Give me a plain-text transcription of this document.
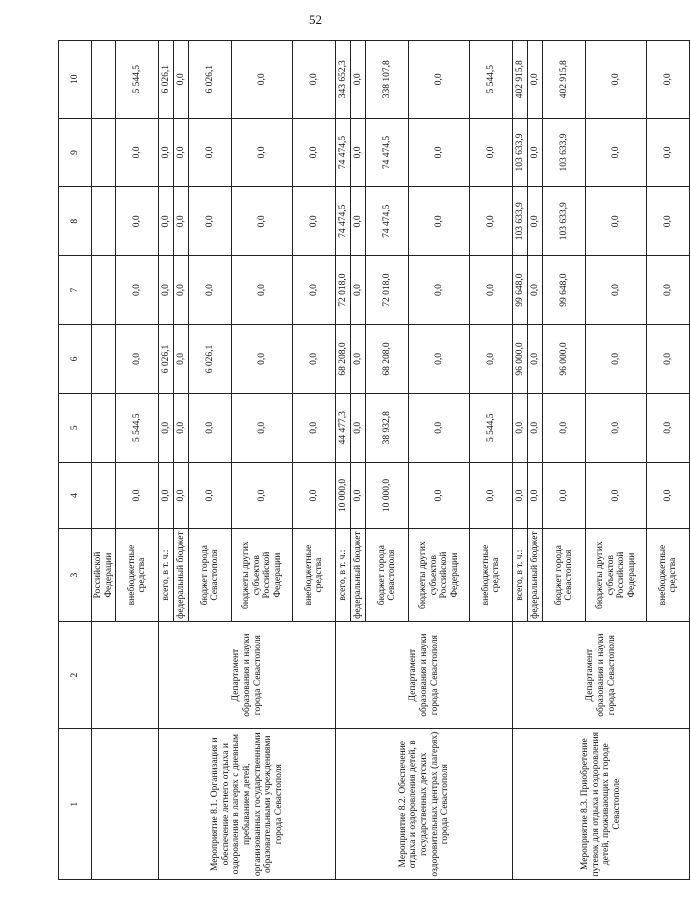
52
1	2	3	4	5	6	7	8	9	10
		Российской Федерации							
		внебюджетные средства	0,0	5 544,5	0,0	0,0	0,0	0,0	5 544,5
Мероприятие 8.1. Организация и обеспечение летнего отдыха и оздоровления в лагерях с дневным пребыванием детей, организованных государственными образовательными учреждениями города Севастополя	Департамент образования и науки города Севастополя	всего, в т. ч.:	0,0	0,0	6 026,1	0,0	0,0	0,0	6 026,1
		федеральный бюджет	0,0	0,0	0,0	0,0	0,0	0,0	0,0
		бюджет города Севастополя	0,0	0,0	6 026,1	0,0	0,0	0,0	6 026,1
		бюджеты других субъектов Российской Федерации	0,0	0,0	0,0	0,0	0,0	0,0	0,0
		внебюджетные средства	0,0	0,0	0,0	0,0	0,0	0,0	0,0
Мероприятие 8.2. Обеспечение отдыха и оздоровления детей, в государственных детских оздоровительных центрах (лагерях) города Севастополя	Департамент образования и науки города Севастополя	всего, в т. ч.:	10 000,0	44 477,3	68 208,0	72 018,0	74 474,5	74 474,5	343 652,3
		федеральный бюджет	0,0	0,0	0,0	0,0	0,0	0,0	0,0
		бюджет города Севастополя	10 000,0	38 932,8	68 208,0	72 018,0	74 474,5	74 474,5	338 107,8
		бюджеты других субъектов Российской Федерации	0,0	0,0	0,0	0,0	0,0	0,0	0,0
		внебюджетные средства	0,0	5 544,5	0,0	0,0	0,0	0,0	5 544,5
Мероприятие 8.3. Приобретение путевок для отдыха и оздоровления детей, проживающих в городе Севастополе	Департамент образования и науки города Севастополя	всего, в т. ч.:	0,0	0,0	96 000,0	99 648,0	103 633,9	103 633,9	402 915,8
		федеральный бюджет	0,0	0,0	0,0	0,0	0,0	0,0	0,0
		бюджет города Севастополя	0,0	0,0	96 000,0	99 648,0	103 633,9	103 633,9	402 915,8
		бюджеты других субъектов Российской Федерации	0,0	0,0	0,0	0,0	0,0	0,0	0,0
		внебюджетные средства	0,0	0,0	0,0	0,0	0,0	0,0	0,0
